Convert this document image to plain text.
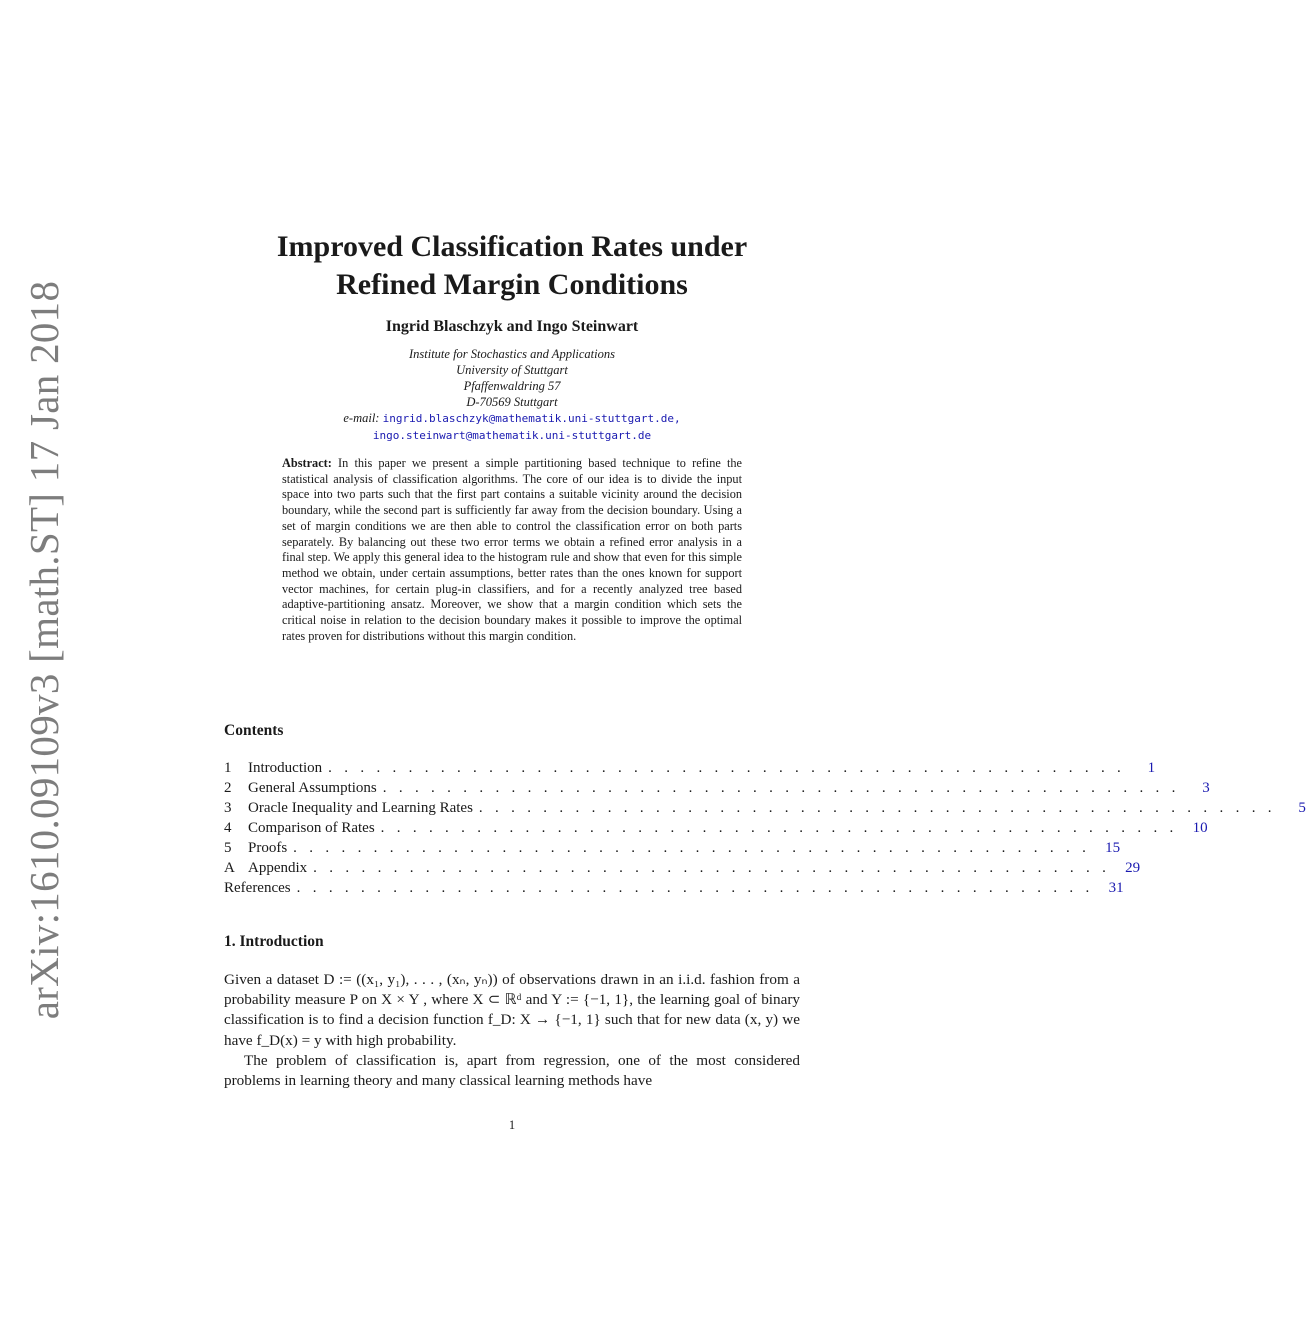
arXiv:1610.09109v3 [math.ST] 17 Jan 2018
Improved Classification Rates under
Refined Margin Conditions
Ingrid Blaschzyk and Ingo Steinwart
Institute for Stochastics and Applications
University of Stuttgart
Pfaffenwaldring 57
D-70569 Stuttgart
e-mail: ingrid.blaschzyk@mathematik.uni-stuttgart.de,
ingo.steinwart@mathematik.uni-stuttgart.de
Abstract: In this paper we present a simple partitioning based technique to refine the statistical analysis of classification algorithms. The core of our idea is to divide the input space into two parts such that the first part contains a suitable vicinity around the decision boundary, while the second part is sufficiently far away from the decision boundary. Using a set of margin conditions we are then able to control the classification error on both parts separately. By balancing out these two error terms we obtain a refined error analysis in a final step. We apply this general idea to the histogram rule and show that even for this simple method we obtain, under certain assumptions, better rates than the ones known for support vector machines, for certain plug-in classifiers, and for a recently analyzed tree based adaptive-partitioning ansatz. Moreover, we show that a margin condition which sets the critical noise in relation to the decision boundary makes it possible to improve the optimal rates proven for distributions without this margin condition.
Contents
1	Introduction . . . . . . . . . . . . . . . . . . . . . . . . . . . . . . . . . . . . . . . . . . . . . . . . . .	1
2	General Assumptions . . . . . . . . . . . . . . . . . . . . . . . . . . . . . . . . . . . . . . . . . . . . . . . . . .	3
3	Oracle Inequality and Learning Rates . . . . . . . . . . . . . . . . . . . . . . . . . . . . . . . . . . . . . . . . . . . . . . . . . .	5
4	Comparison of Rates . . . . . . . . . . . . . . . . . . . . . . . . . . . . . . . . . . . . . . . . . . . . . . . . . .	10
5	Proofs . . . . . . . . . . . . . . . . . . . . . . . . . . . . . . . . . . . . . . . . . . . . . . . . . .	15
A Appendix . . . . . . . . . . . . . . . . . . . . . . . . . . . . . . . . . . . . . . . . . . . . . . . . . .	29
References . . . . . . . . . . . . . . . . . . . . . . . . . . . . . . . . . . . . . . . . . . . . . . . . . .	31
1. Introduction

Given a dataset D := ((x₁, y₁), . . . , (xₙ, yₙ)) of observations drawn in an i.i.d. fashion from a probability measure P on X × Y , where X ⊂ ℝᵈ and Y := {−1, 1}, the learning goal of binary classification is to find a decision function f_D: X → {−1, 1} such that for new data (x, y) we have f_D(x) = y with high probability.

The problem of classification is, apart from regression, one of the most considered problems in learning theory and many classical learning methods have

1
